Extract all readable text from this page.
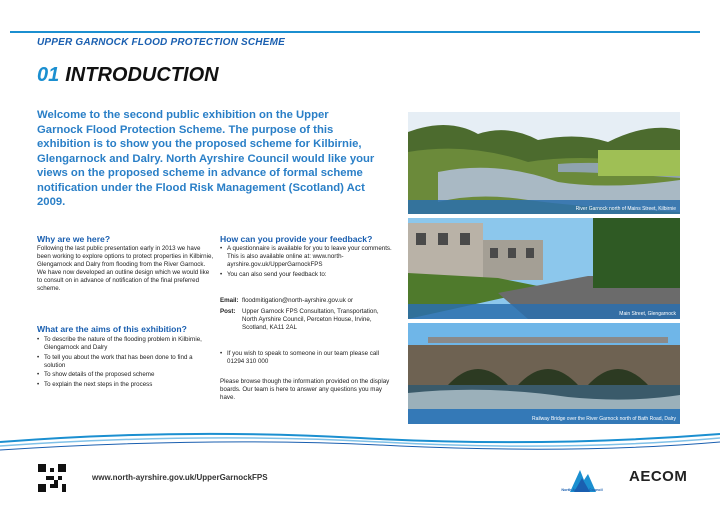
UPPER GARNOCK FLOOD PROTECTION SCHEME
01 INTRODUCTION
Welcome to the second public exhibition on the Upper Garnock Flood Protection Scheme. The purpose of this exhibition is to show you the proposed scheme for Kilbirnie, Glengarnock and Dalry. North Ayrshire Council would like your views on the proposed scheme in advance of formal scheme notification under the Flood Risk Management (Scotland) Act 2009.
Why are we here?
Following the last public presentation early in 2013 we have been working to explore options to protect properties in Kilbirnie, Glengarnock and Dalry from flooding from the River Garnock. We have now developed an outline design which we would like to consult on in advance of notification of the final preferred scheme.
What are the aims of this exhibition?
• To describe the nature of the flooding problem in Kilbirnie, Glengarnock and Dalry
• To tell you about the work that has been done to find a solution
• To show details of the proposed scheme
• To explain the next steps in the process
How can you provide your feedback?
• A questionnaire is available for you to leave your comments. This is also available online at: www.north-ayrshire.gov.uk/UpperGarnockFPS
• You can also send your feedback to:
Email: floodmitigation@north-ayrshire.gov.uk or
Post: Upper Garnock FPS Consultation, Transportation, North Ayrshire Council, Perceton House, Irvine, Scotland, KA11 2AL
• If you wish to speak to someone in our team please call 01294 310 000
Please browse though the information provided on the display boards. Our team is here to answer any questions you may have.
River Garnock north of Mains Street, Kilbirnie
Main Street, Glengarnock
Railway Bridge over the River Garnock north of Bath Road, Dalry
www.north-ayrshire.gov.uk/UpperGarnockFPS
North Ayrshire Council
AECOM
